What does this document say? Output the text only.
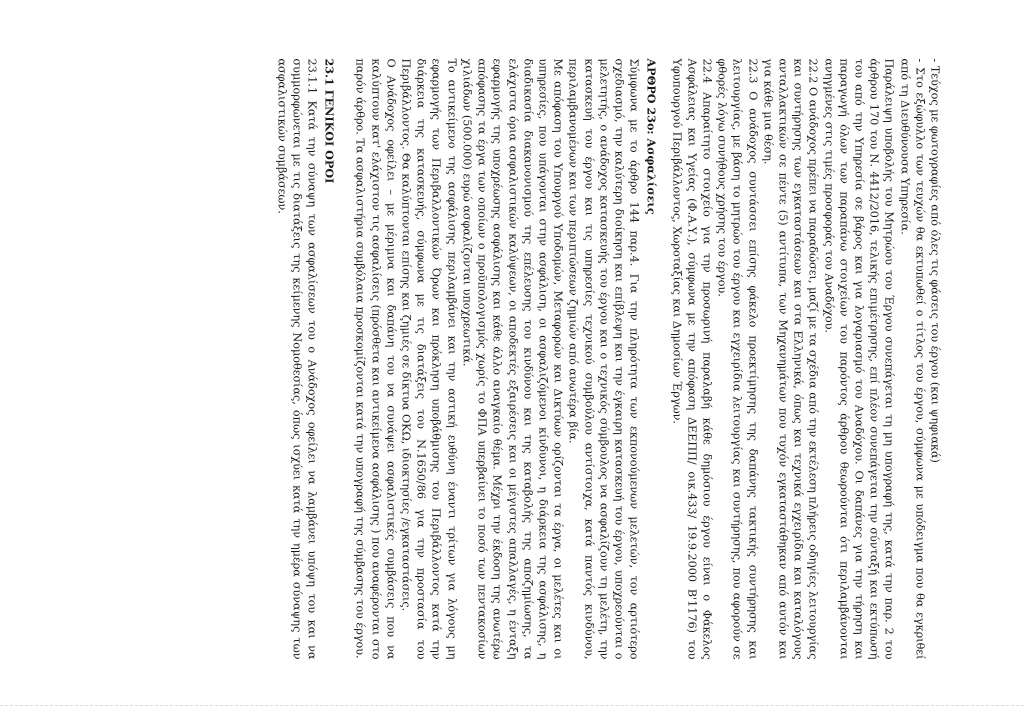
- Τεύχος με φωτογραφίες από όλες τις φάσεις του έργου (και ψηφιακά)

- Στο εξώφυλλο των τευχών θα εκτυπωθεί ο τίτλος του έργου, σύμφωνα με υπόδειγμα που θα εγκριθεί από τη Διευθύνουσα Υπηρεσία.

Παράλειψη υποβολής του Μητρώου του Έργου συνεπάγεται τη μη υπογραφή της, κατά την παρ. 2 του άρθρου 170 του Ν. 4412/2016, τελικής επιμέτρησης, επί πλέον συνεπάγεται την σύνταξή και εκτύπωσή του από την Υπηρεσία σε βάρος και για λογαριασμό του Αναδόχου. Οι δαπάνες για την τήρηση και παραγωγή όλων των παραπάνω στοιχείων του παρόντος άρθρου θεωρούνται ότι περιλαμβάνονται ανηγμένες στις τιμές προσφοράς του Αναδόχου.

22.2 Ο ανάδοχος πρέπει να παραδώσει, μαζί με τα σχέδια από την εκτέλεση πλήρεις οδηγίες λειτουργίας και συντήρησης των εγκαταστάσεων και στα Ελληνικά, όπως και τεχνικά εγχειρίδια και καταλόγους ανταλλακτικών σε πέντε (5) αντίτυπα, των Μηχανημάτων που τυχόν εγκαταστάθηκαν από αυτόν και για κάθε μια θέση.

22.3 Ο ανάδοχος συντάσσει επίσης φάκελο προεκτίμησης της δαπάνης τακτικής συντήρησης και λειτουργίας, με βάση το μητρώο του έργου και εγχειρίδια λειτουργίας και συντήρησης, που αφορούν σε φθορές λόγω συνήθους χρήσης του έργου.

22.4 Απαραίτητο στοιχείο για την προσωρινή παραλαβή κάθε δημόσιου έργου είναι ο Φάκελος Ασφάλειας και Υγείας (Φ.Α.Υ.), σύμφωνα με την απόφαση ΔΕΕΠΠ/ οικ.433/ 19.9.2000 Β'1176) του Υφυπουργού Περιβάλλοντος, Χωροταξίας και Δημοσίων Έργων.

ΑΡΘΡΟ 23ο: Ασφαλίσεις

Σύμφωνα με το άρθρο 144 παρ.4. Για την πληρότητα των εκπονούμενων μελετών, τον αρτιότερο σχεδιασμό, την καλύτερη διοίκηση και επίβλεψη και την έγκαιρη κατασκευή του έργου, υποχρεούνται ο μελετητής, ο ανάδοχος κατασκευής του έργου και ο τεχνικός σύμβουλος να ασφαλίζουν τη μελέτη, την κατασκευή του έργου και τις υπηρεσίες τεχνικού συμβούλου αντίστοιχα, κατά παντός κινδύνου, περιλαμβανομένων και των περιπτώσεων ζημιών από ανωτέρα βία.

Με απόφαση του Υπουργού Υποδομών, Μεταφορών και Δικτύων ορίζονται τα έργα, οι μελέτες και οι υπηρεσίες, που υπάγονται στην ασφάλιση, οι ασφαλιζόμενοι κίνδυνοι, η διάρκεια της ασφάλισης, η διαδικασία διακανονισμού της επέλευσης του κινδύνου και της καταβολής της αποζημίωσης, τα ελάχιστα όρια ασφαλιστικών καλύψεων, οι αποδεκτές εξαιρέσεις και οι μέγιστες απαλλαγές, η ένταξη εφαρμογής της υποχρέωσης ασφάλισης και κάθε άλλο αναγκαίο θέμα. Μέχρι την έκδοση της ανωτέρω απόφασης τα έργα των οποίων ο προϋπολογισμός χωρίς το ΦΠΑ υπερβαίνει το ποσό των πεντακοσίων χιλιάδων (500.000) ευρώ ασφαλίζονται υποχρεωτικά.

Το αντικείμενο της ασφάλισης περιλαμβάνει και την αστική ευθύνη έναντι τρίτων για λόγους μη εφαρμογής των Περιβαλλοντικών Όρων και πρόκληση υποβάθμισης του Περιβάλλοντος κατά την διάρκεια της κατασκευής, σύμφωνα με τις διατάξεις του Ν.1650/86 για την προστασία του Περιβάλλοντος. Θα καλύπτονται επίσης και ζημιές σε δίκτυα ΟΚΩ, ιδιοκτησίες /εγκαταστάσεις.

Ο Ανάδοχος οφείλει – με μέριμνα και δαπάνη του να συνάψει ασφαλιστικές συμβάσεις που να καλύπτουν κατ' ελάχιστον τις ασφαλίσεις (πρόσθετα και αντικείμενα ασφάλισης ) που αναφέρονται στο παρόν άρθρο. Τα ασφαλιστήρια συμβόλαια προσκομίζονται κατά την υπογραφή της σύμβασης του έργου.

23.1 ΓΕΝΙΚΟΙ ΟΡΟΙ

23.1.1 Κατά την σύναψη των ασφαλίσεων του ο Ανάδοχος οφείλει να λαμβάνει υπόψη του και να συμμορφώνεται με τις διατάξεις της κείμενης Νομοθεσίας, όπως ισχύει κατά την ημέρα σύναψης των ασφαλιστικών συμβάσεων.
